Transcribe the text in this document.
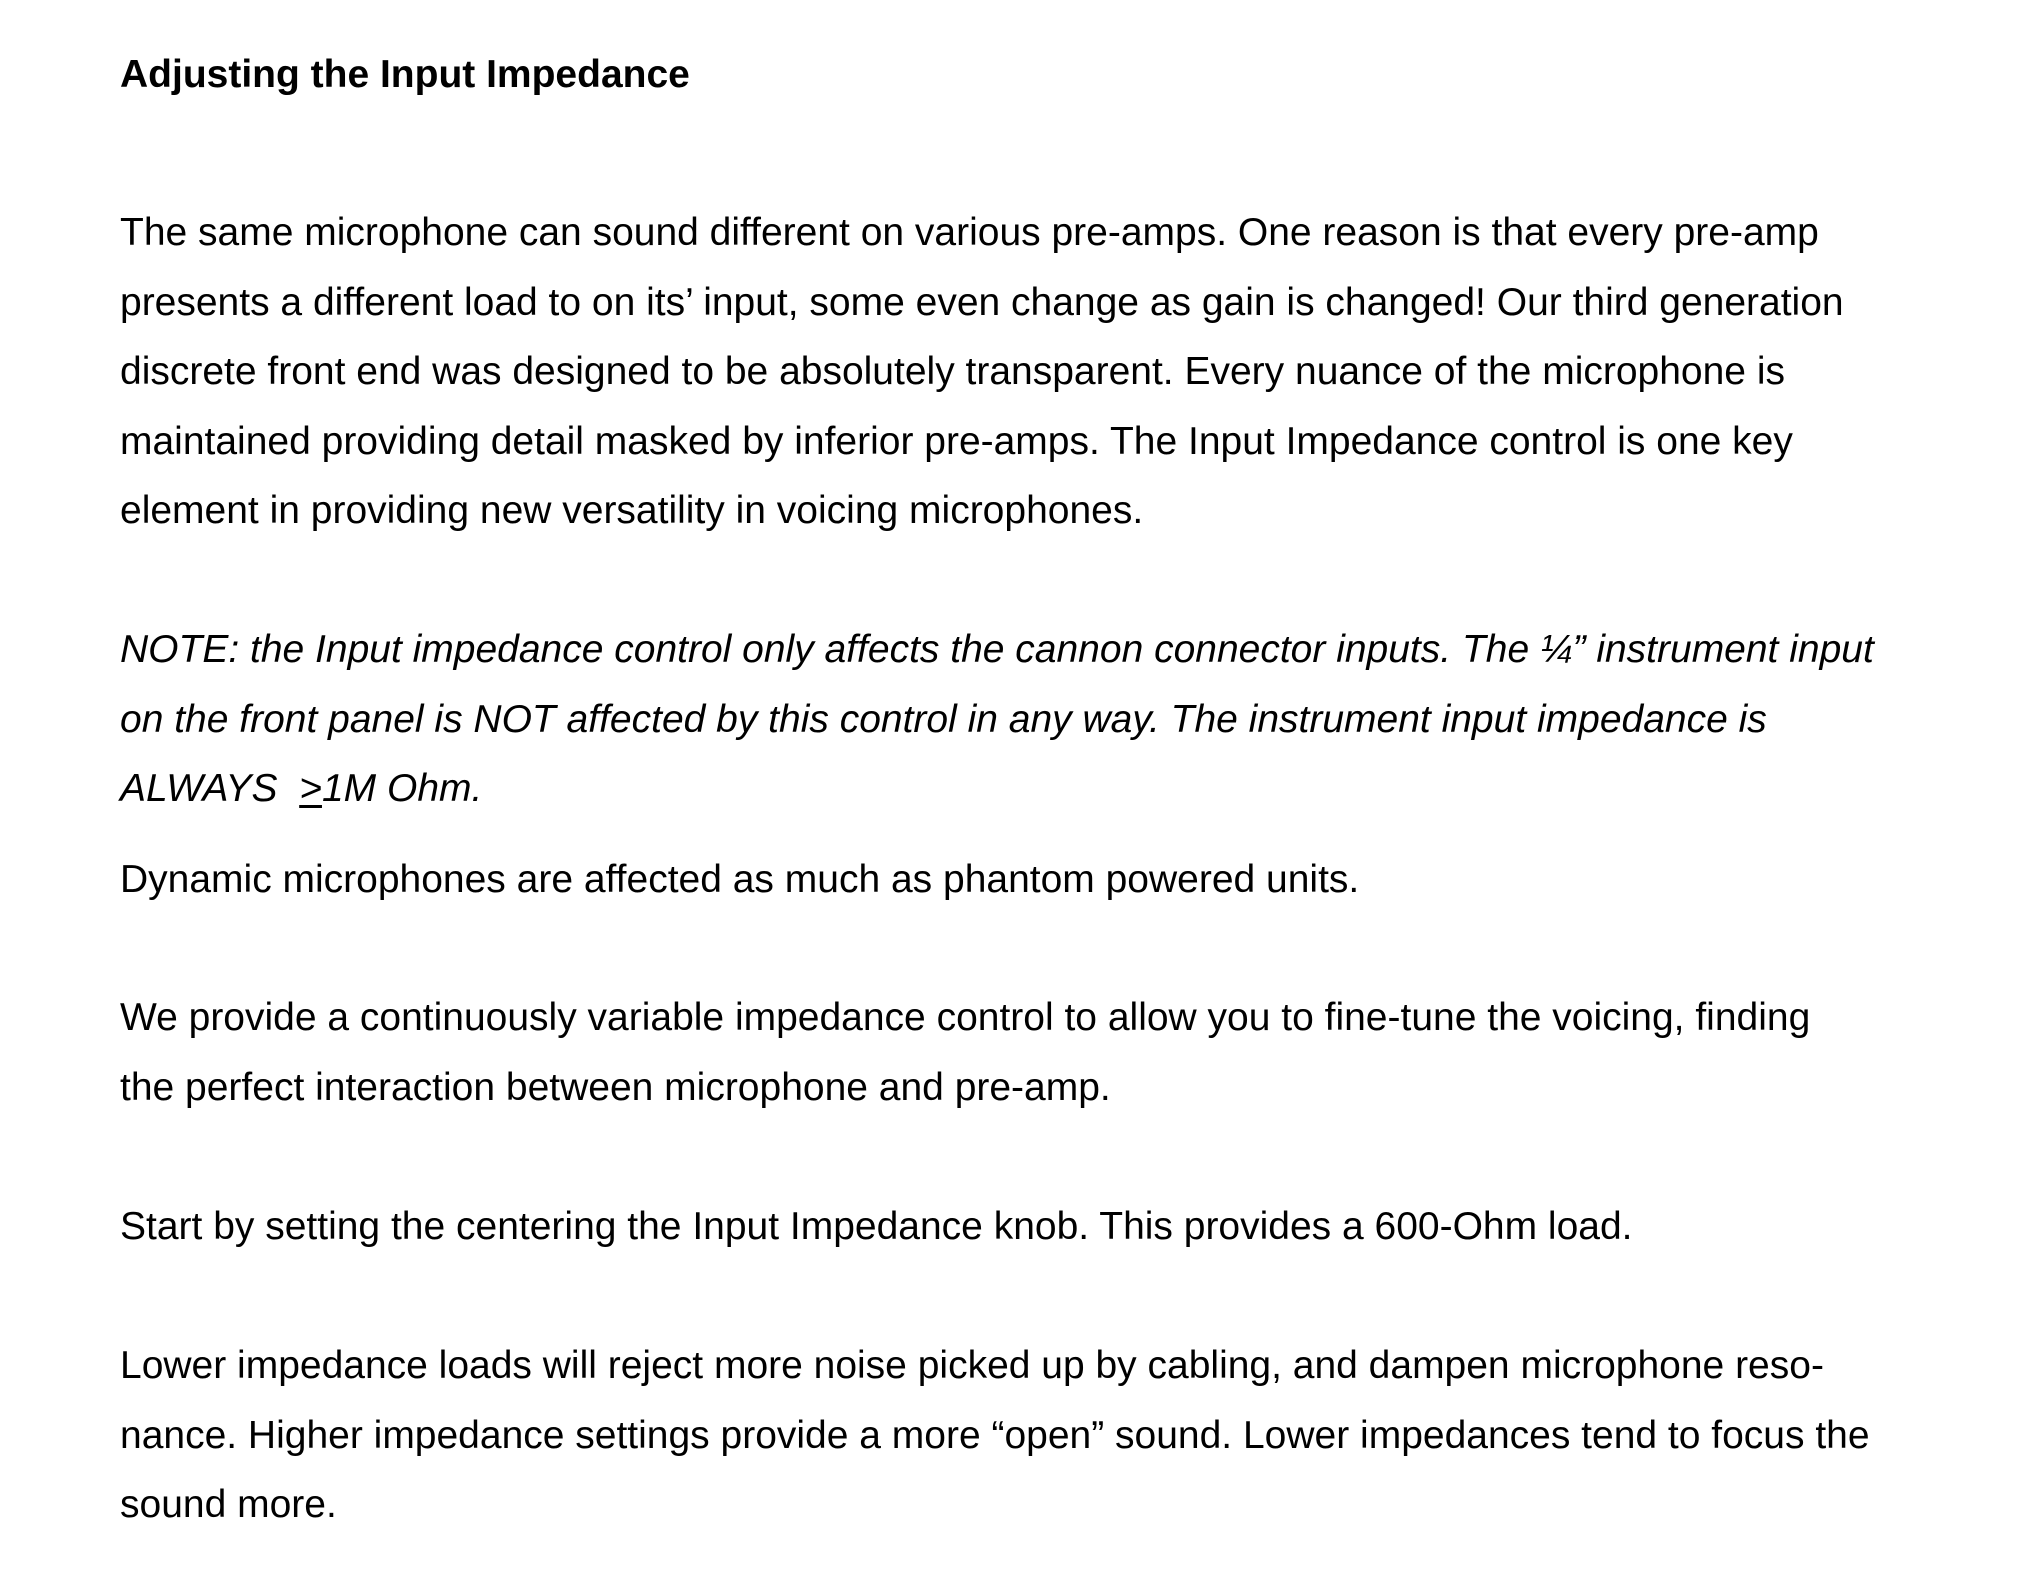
Adjusting the Input Impedance

The same microphone can sound different on various pre-amps. One reason is that every pre-amp
presents a different load to on its’ input, some even change as gain is changed! Our third generation
discrete front end was designed to be absolutely transparent. Every nuance of the microphone is
maintained providing detail masked by inferior pre-amps. The Input Impedance control is one key
element in providing new versatility in voicing microphones.

NOTE: the Input impedance control only affects the cannon connector inputs. The ¼” instrument input
on the front panel is NOT affected by this control in any way. The instrument input impedance is
ALWAYS  ≥1M Ohm.

Dynamic microphones are affected as much as phantom powered units.

We provide a continuously variable impedance control to allow you to fine-tune the voicing, finding
the perfect interaction between microphone and pre-amp.

Start by setting the centering the Input Impedance knob. This provides a 600-Ohm load.

Lower impedance loads will reject more noise picked up by cabling, and dampen microphone reso-
nance. Higher impedance settings provide a more “open” sound. Lower impedances tend to focus the
sound more.
